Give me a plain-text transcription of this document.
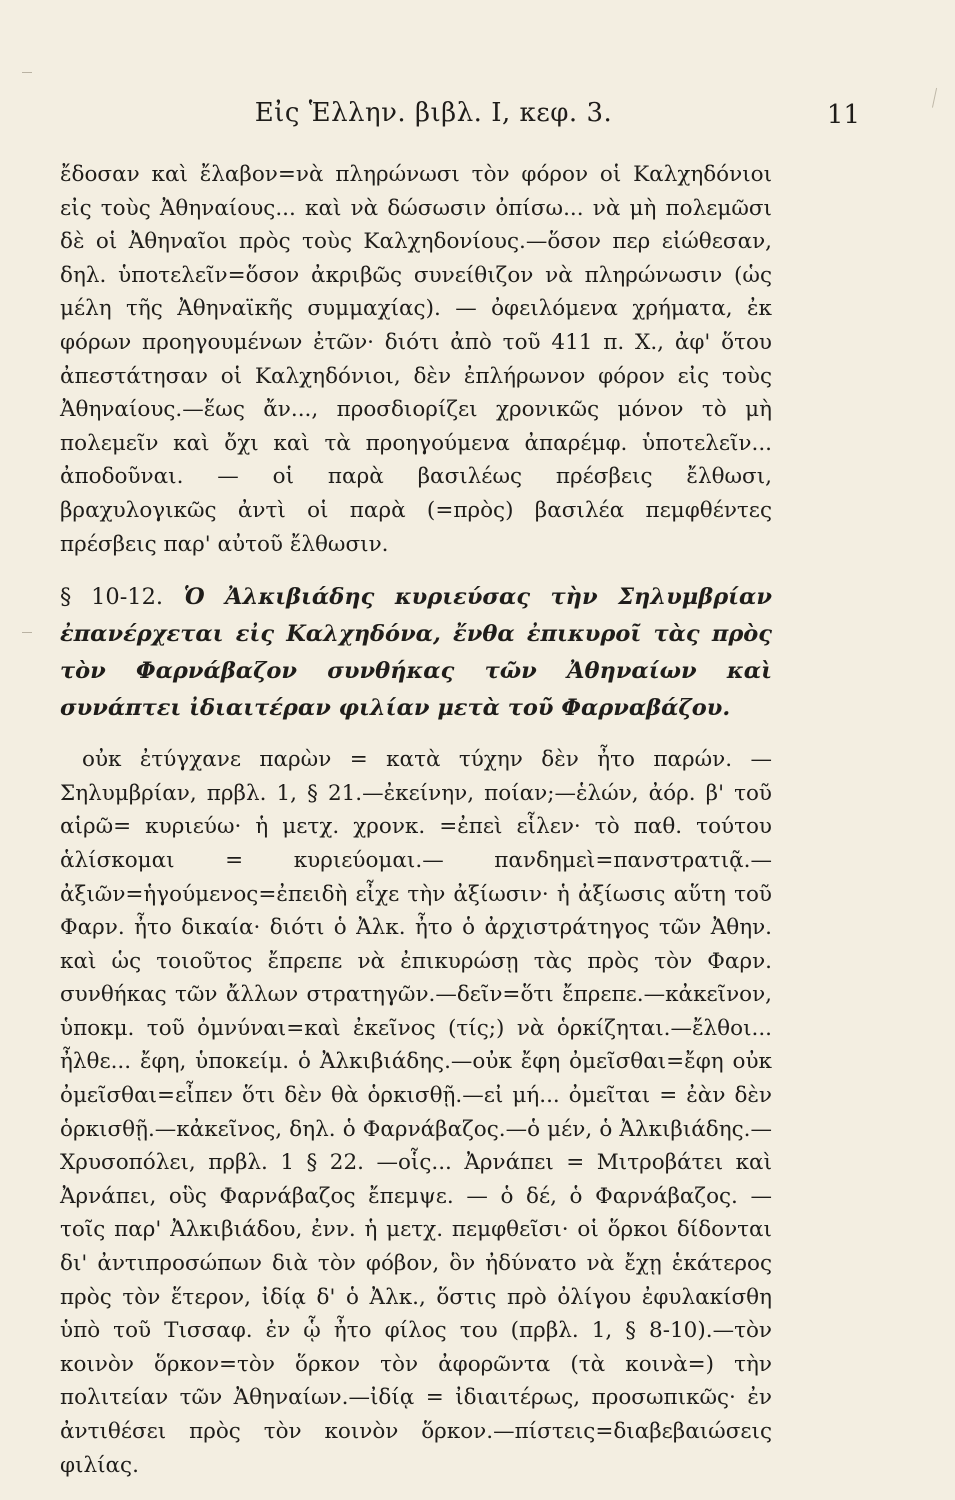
Εἰς Ἑλλην. βιβλ. Ι, κεφ. 3.	11

ἔδοσαν καὶ ἔλαβον=νὰ πληρώνωσι τὸν φόρον οἱ Καλχηδόνιοι εἰς τοὺς Ἀθηναίους... καὶ νὰ δώσωσιν ὀπίσω... νὰ μὴ πολεμῶσι δὲ οἱ Ἀθηναῖοι πρὸς τοὺς Καλχηδονίους.—ὅσον περ εἰώθεσαν, δηλ. ὑποτελεῖν=ὅσον ἀκριβῶς συνείθιζον νὰ πληρώνωσιν (ὡς μέλη τῆς Ἀθηναϊκῆς συμμαχίας). — ὀφειλόμενα χρήματα, ἐκ φόρων προηγουμένων ἐτῶν· διότι ἀπὸ τοῦ 411 π. Χ., ἀφ' ὅτου ἀπεστάτησαν οἱ Καλχηδόνιοι, δὲν ἐπλήρωνον φόρον εἰς τοὺς Ἀθηναίους.—ἕως ἄν..., προσδιορίζει χρονικῶς μόνον τὸ μὴ πολεμεῖν καὶ ὄχι καὶ τὰ προηγούμενα ἀπαρέμφ. ὑποτελεῖν... ἀποδοῦναι. — οἱ παρὰ βασιλέως πρέσβεις ἔλθωσι, βραχυλογικῶς ἀντὶ οἱ παρὰ (=πρὸς) βασιλέα πεμφθέντες πρέσβεις παρ' αὐτοῦ ἔλθωσιν.

§ 10-12. Ὁ Ἀλκιβιάδης κυριεύσας τὴν Σηλυμβρίαν ἐπανέρχεται εἰς Καλχηδόνα, ἔνθα ἐπικυροῖ τὰς πρὸς τὸν Φαρνάβαζον συνθήκας τῶν Ἀθηναίων καὶ συνάπτει ἰδιαιτέραν φιλίαν μετὰ τοῦ Φαρναβάζου.

οὐκ ἐτύγχανε παρὼν = κατὰ τύχην δὲν ἦτο παρών. — Σηλυμβρίαν, πρβλ. 1, § 21.—ἐκείνην, ποίαν;—ἑλών, ἀόρ. β' τοῦ αἱρῶ= κυριεύω· ἡ μετχ. χρονκ. =ἐπεὶ εἷλεν· τὸ παθ. τούτου ἁλίσκομαι = κυριεύομαι.— πανδημεὶ=πανστρατιᾷ.— ἀξιῶν=ἡγούμενος=ἐπειδὴ εἶχε τὴν ἀξίωσιν· ἡ ἀξίωσις αὕτη τοῦ Φαρν. ἦτο δικαία· διότι ὁ Ἀλκ. ἦτο ὁ ἀρχιστράτηγος τῶν Ἀθην. καὶ ὡς τοιοῦτος ἔπρεπε νὰ ἐπικυρώσῃ τὰς πρὸς τὸν Φαρν. συνθήκας τῶν ἄλλων στρατηγῶν.—δεῖν=ὅτι ἔπρεπε.—κἀκεῖνον, ὑποκμ. τοῦ ὀμνύναι=καὶ ἐκεῖνος (τίς;) νὰ ὁρκίζηται.—ἔλθοι... ἦλθε... ἔφη, ὑποκείμ. ὁ Ἀλκιβιάδης.—οὐκ ἔφη ὀμεῖσθαι=ἔφη οὐκ ὀμεῖσθαι=εἶπεν ὅτι δὲν θὰ ὁρκισθῇ.—εἰ μή... ὀμεῖται = ἐὰν δὲν ὁρκισθῇ.—κἀκεῖνος, δηλ. ὁ Φαρνάβαζος.—ὁ μέν, ὁ Ἀλκιβιάδης.—Χρυσοπόλει, πρβλ. 1 § 22. —οἷς... Ἀρνάπει = Μιτροβάτει καὶ Ἀρνάπει, οὓς Φαρνάβαζος ἔπεμψε. — ὁ δέ, ὁ Φαρνάβαζος. — τοῖς παρ' Ἀλκιβιάδου, ἐνν. ἡ μετχ. πεμφθεῖσι· οἱ ὅρκοι δίδονται δι' ἀντιπροσώπων διὰ τὸν φόβον, ὃν ἠδύνατο νὰ ἔχῃ ἑκάτερος πρὸς τὸν ἕτερον, ἰδίᾳ δ' ὁ Ἀλκ., ὅστις πρὸ ὀλίγου ἐφυλακίσθη ὑπὸ τοῦ Τισσαφ. ἐν ᾧ ἦτο φίλος του (πρβλ. 1, § 8-10).—τὸν κοινὸν ὅρκον=τὸν ὅρκον τὸν ἀφορῶντα (τὰ κοινὰ=) τὴν πολιτείαν τῶν Ἀθηναίων.—ἰδίᾳ = ἰδιαιτέρως, προσωπικῶς· ἐν ἀντιθέσει πρὸς τὸν κοινὸν ὅρκον.—πίστεις=διαβεβαιώσεις φιλίας.
